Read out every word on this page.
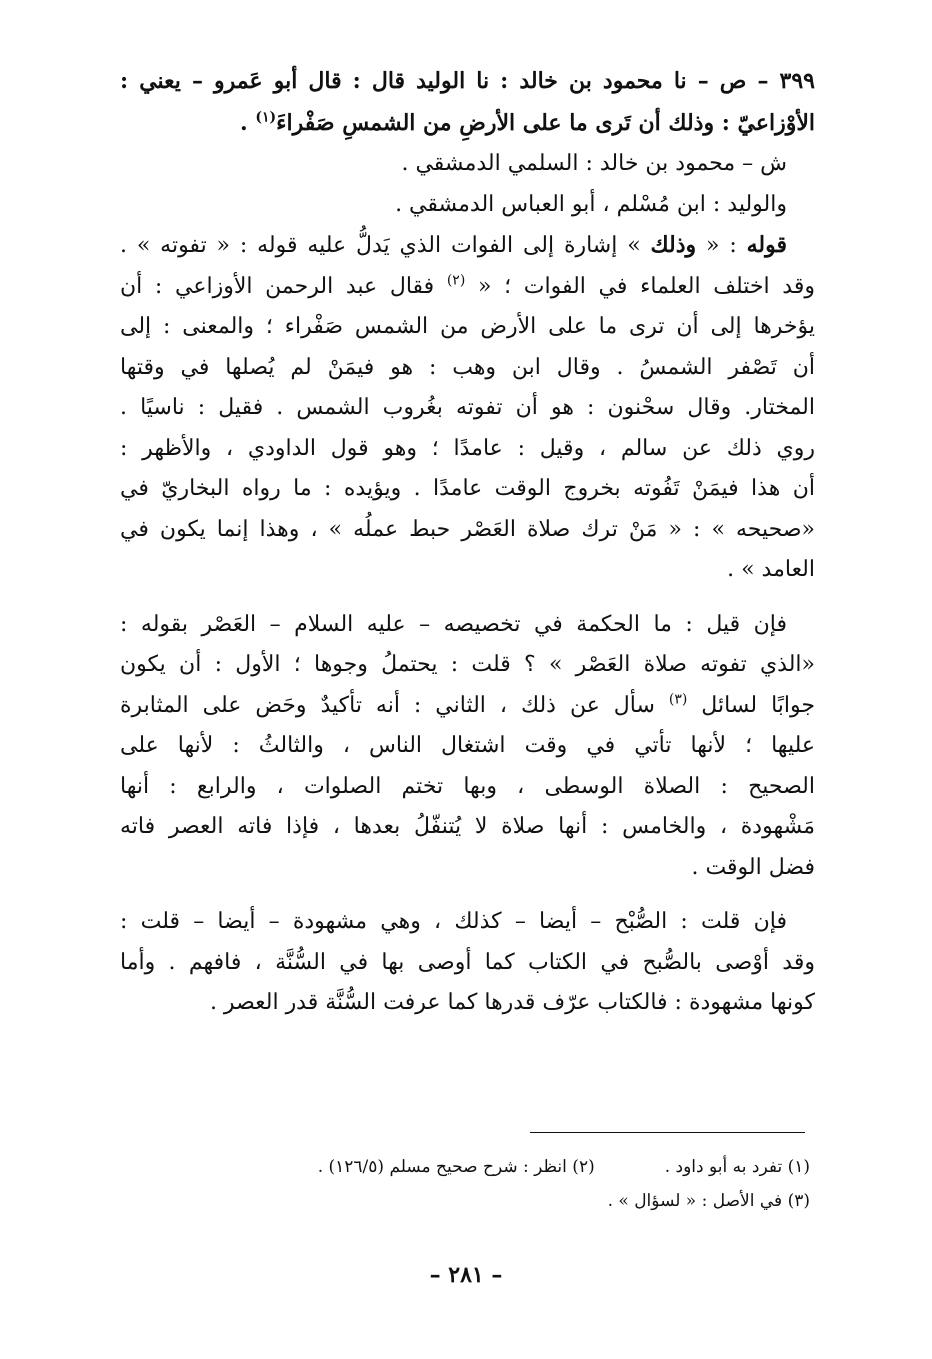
٣٩٩ – ص – نا محمود بن خالد : نا الوليد قال : قال أبو عَمرو – يعني :
الأوْزاعيّ : وذلك أن تَرى ما على الأرضِ من الشمسِ صَفْراءَ$^{(١)}$ .
ش – محمود بن خالد : السلمي الدمشقي .
والوليد : ابن مُسْلم ، أبو العباس الدمشقي .
قوله : « وذلك » إشارة إلى الفوات الذي يَدلُّ عليه قوله : « تفوته » .
وقد اختلف العلماء في الفوات ؛ « $^{(٢)}$ فقال عبد الرحمن الأوزاعي : أن
يؤخرها إلى أن ترى ما على الأرض من الشمس صَفْراء ؛ والمعنى : إلى
أن تَصْفر الشمسُ . وقال ابن وهب : هو فيمَنْ لم يُصلها في وقتها
المختار. وقال سحْنون : هو أن تفوته بغُروب الشمس . فقيل : ناسيًا .
روي ذلك عن سالم ، وقيل : عامدًا ؛ وهو قول الداودي ، والأظهر :
أن هذا فيمَنْ تَفُوته بخروج الوقت عامدًا . ويؤيده : ما رواه البخاريّ في
«صحيحه » : « مَنْ ترك صلاة العَصْر حبط عملُه » ، وهذا إنما يكون في
العامد » .
فإن قيل : ما الحكمة في تخصيصه – عليه السلام – العَصْر بقوله :
«الذي تفوته صلاة العَصْر » ؟ قلت : يحتملُ وجوها ؛ الأول : أن يكون
جوابًا لسائل $^{(٣)}$ سأل عن ذلك ، الثاني : أنه تأكيدٌ وحَض على المثابرة
عليها ؛ لأنها تأتي في وقت اشتغال الناس ، والثالثُ : لأنها على
الصحيح : الصلاة الوسطى ، وبها تختم الصلوات ، والرابع : أنها
مَشْهودة ، والخامس : أنها صلاة لا يُتنفّلُ بعدها ، فإذا فاته العصر فاته
فضل الوقت .
فإن قلت : الصُّبْح – أيضا – كذلك ، وهي مشهودة – أيضا – قلت :
وقد أوْصى بالصُّبح في الكتاب كما أوصى بها في السُّنَّة ، فافهم . وأما
كونها مشهودة : فالكتاب عرّف قدرها كما عرفت السُّنَّة قدر العصر .
(١) تفرد به أبو داود .
(٢) انظر : شرح صحيح مسلم (١٢٦/٥) .
(٣) في الأصل : « لسؤال » .
– ٢٨١ –
